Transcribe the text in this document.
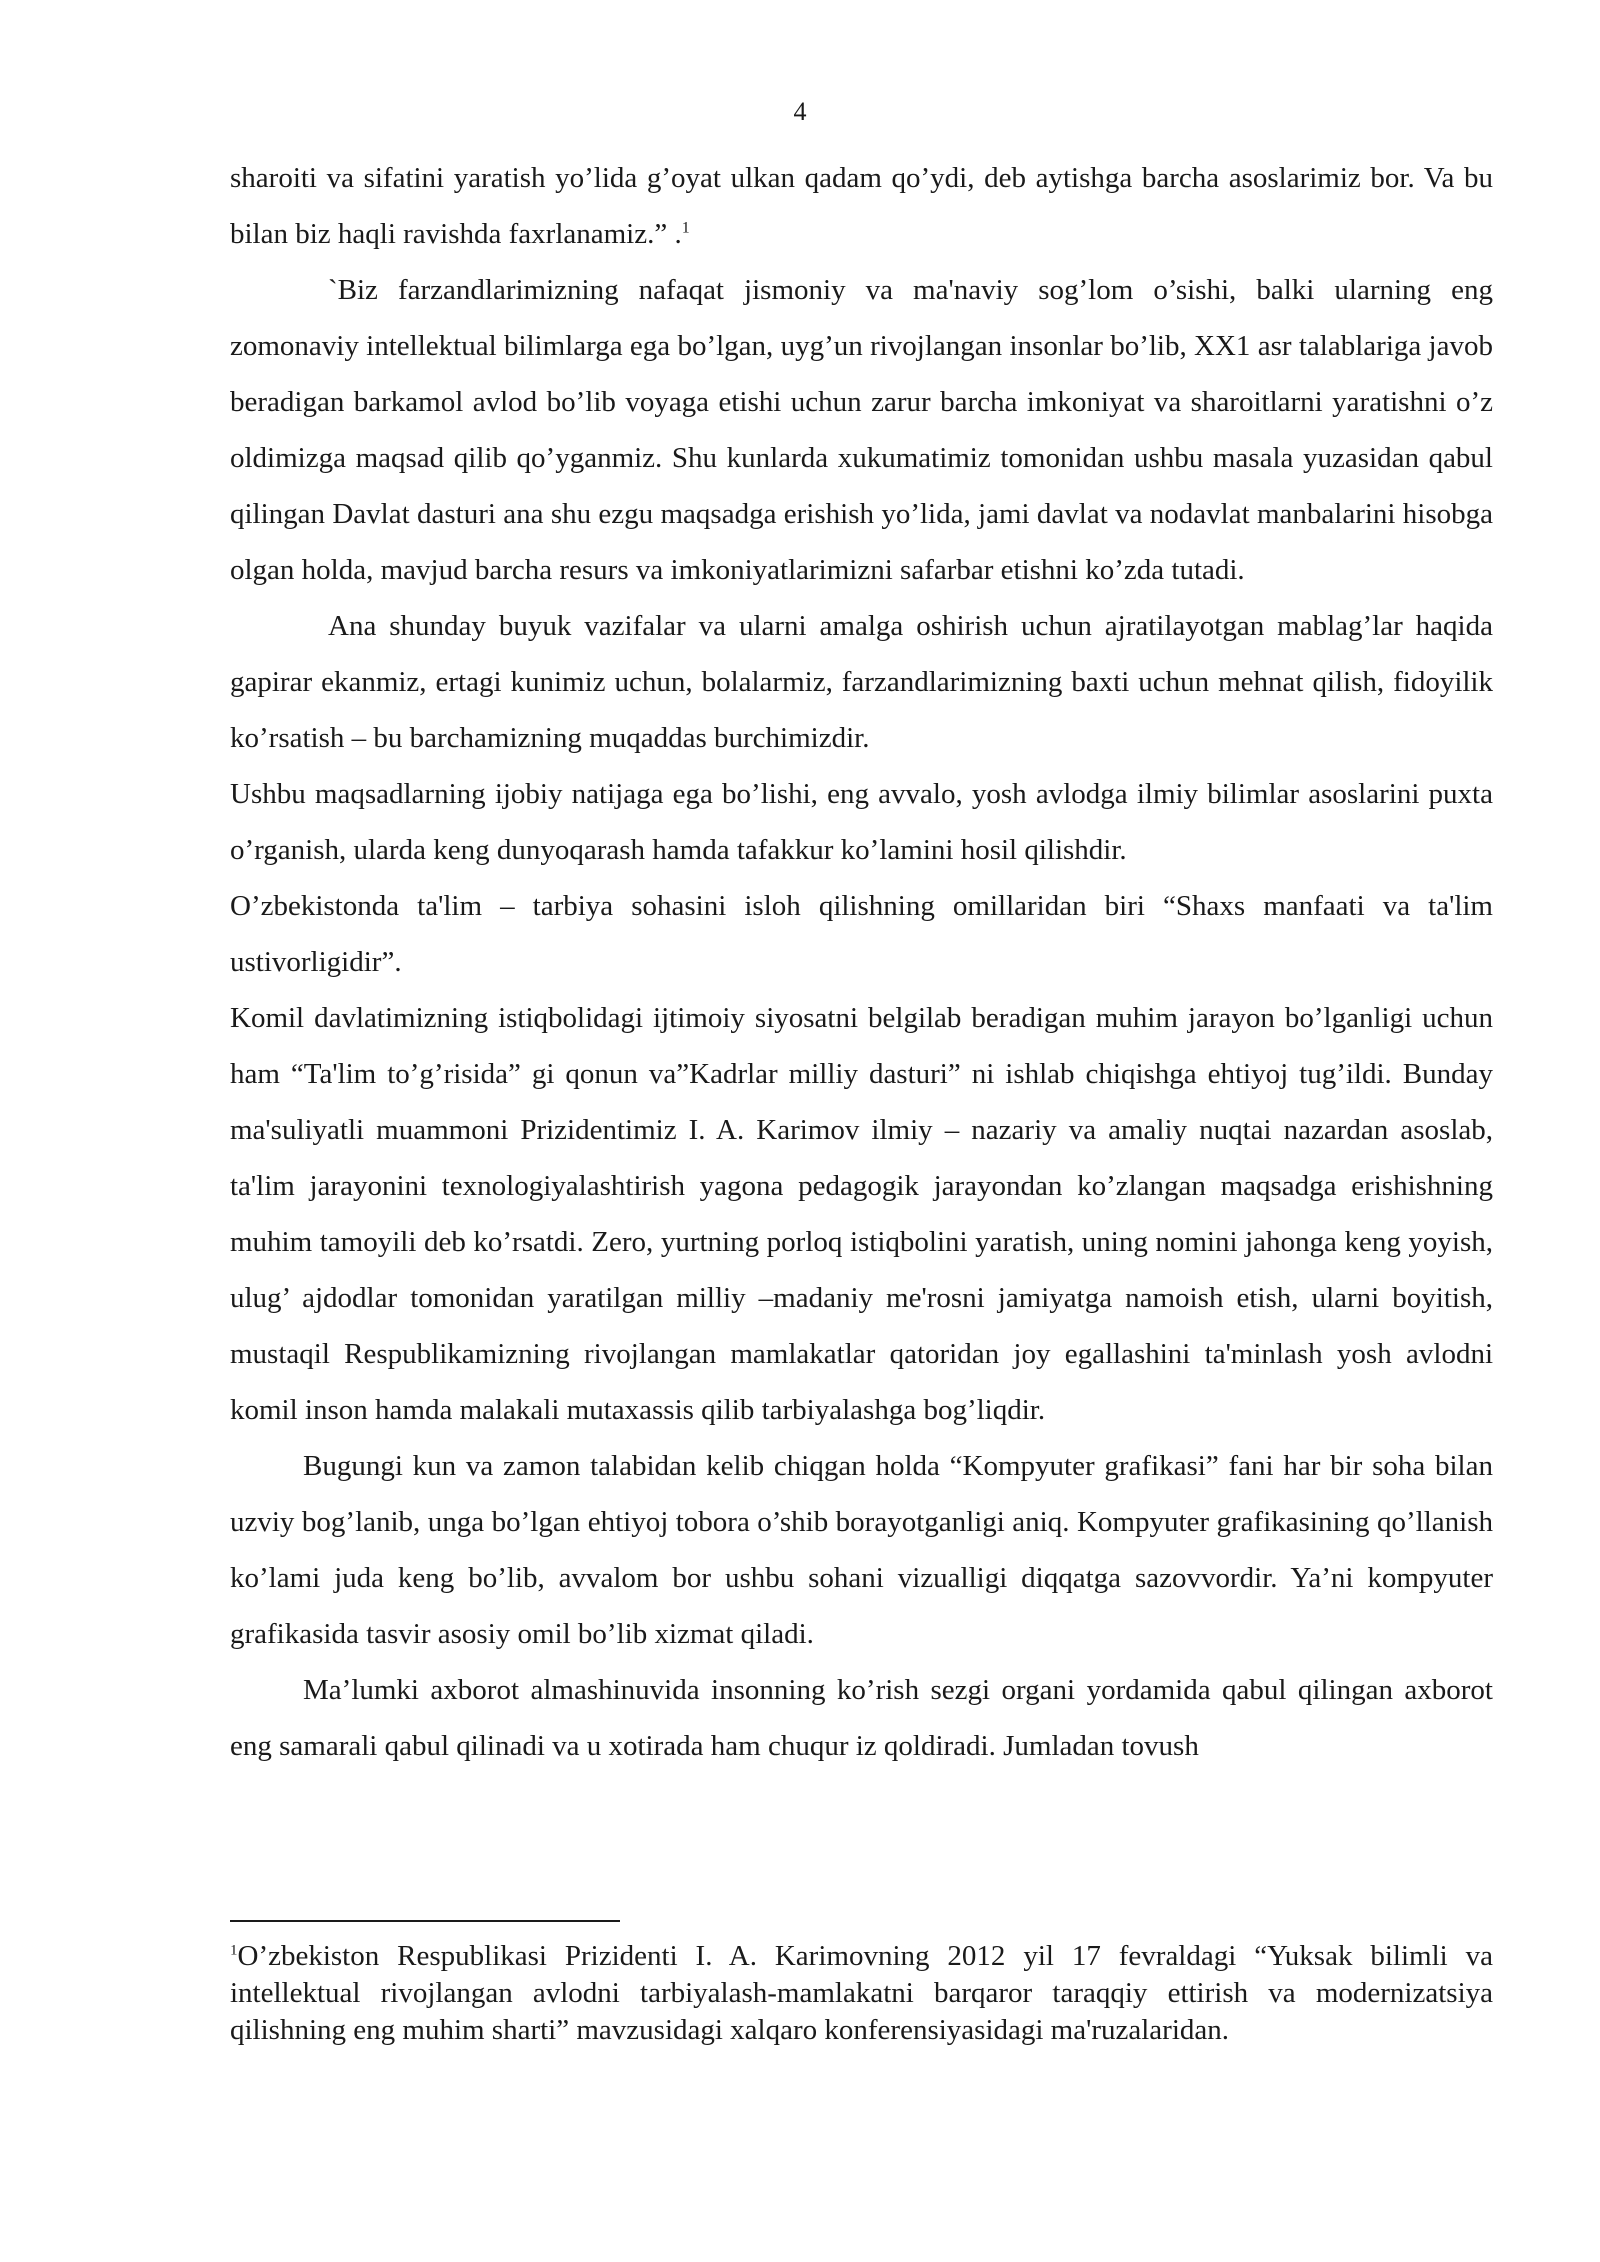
4

sharoiti va sifatini yaratish yo’lida g’oyat ulkan qadam qo’ydi, deb aytishga barcha asoslarimiz bor. Va bu bilan biz haqli ravishda faxrlanamiz.” .$^1$

`Biz farzandlarimizning nafaqat jismoniy va ma'naviy sog’lom o’sishi, balki ularning eng zomonaviy intellektual bilimlarga ega bo’lgan, uyg’un rivojlangan insonlar bo’lib, XX1 asr talablariga javob beradigan barkamol avlod bo’lib voyaga etishi uchun zarur barcha imkoniyat va sharoitlarni yaratishni o’z oldimizga maqsad qilib qo’yganmiz. Shu kunlarda xukumatimiz tomonidan ushbu masala yuzasidan qabul qilingan Davlat dasturi ana shu ezgu maqsadga erishish yo’lida, jami davlat va nodavlat manbalarini hisobga olgan holda, mavjud barcha resurs va imkoniyatlarimizni safarbar etishni ko’zda tutadi.

Ana shunday buyuk vazifalar va ularni amalga oshirish uchun ajratilayotgan mablag’lar haqida gapirar ekanmiz, ertagi kunimiz uchun, bolalarmiz, farzandlarimizning baxti uchun mehnat qilish, fidoyilik ko’rsatish – bu barchamizning muqaddas burchimizdir.

Ushbu maqsadlarning ijobiy natijaga ega bo’lishi, eng avvalo, yosh avlodga ilmiy bilimlar asoslarini puxta o’rganish, ularda keng dunyoqarash hamda tafakkur ko’lamini hosil qilishdir.

O’zbekistonda ta'lim – tarbiya sohasini isloh qilishning omillaridan biri “Shaxs manfaati va ta'lim ustivorligidir”.

Komil davlatimizning istiqbolidagi ijtimoiy siyosatni belgilab beradigan muhim jarayon bo’lganligi uchun ham “Ta'lim to’g’risida” gi qonun va”Kadrlar milliy dasturi” ni ishlab chiqishga ehtiyoj tug’ildi. Bunday ma'suliyatli muammoni Prizidentimiz I. A. Karimov ilmiy – nazariy va amaliy nuqtai nazardan asoslab, ta'lim jarayonini texnologiyalashtirish yagona pedagogik jarayondan ko’zlangan maqsadga erishishning muhim tamoyili deb ko’rsatdi. Zero, yurtning porloq istiqbolini yaratish, uning nomini jahonga keng yoyish, ulug’ ajdodlar tomonidan yaratilgan milliy –madaniy me'rosni jamiyatga namoish etish, ularni boyitish, mustaqil Respublikamizning rivojlangan mamlakatlar qatoridan joy egallashini ta'minlash yosh avlodni komil inson hamda malakali mutaxassis qilib tarbiyalashga bog’liqdir.

Bugungi kun va zamon talabidan kelib chiqgan holda “Kompyuter grafikasi” fani har bir soha bilan uzviy bog’lanib, unga bo’lgan ehtiyoj tobora o’shib borayotganligi aniq. Kompyuter grafikasining qo’llanish ko’lami juda keng bo’lib, avvalom bor ushbu sohani vizualligi diqqatga sazovvordir. Ya’ni kompyuter grafikasida tasvir asosiy omil bo’lib xizmat qiladi.

Ma’lumki axborot almashinuvida insonning ko’rish sezgi organi yordamida qabul qilingan axborot eng samarali qabul qilinadi va u xotirada ham chuqur iz qoldiradi. Jumladan tovush

$^1$O’zbekiston Respublikasi Prizidenti I. A. Karimovning 2012 yil 17 fevraldagi “Yuksak bilimli va intellektual rivojlangan avlodni tarbiyalash-mamlakatni barqaror taraqqiy ettirish va modernizatsiya qilishning eng muhim sharti” mavzusidagi xalqaro konferensiyasidagi ma'ruzalaridan.
